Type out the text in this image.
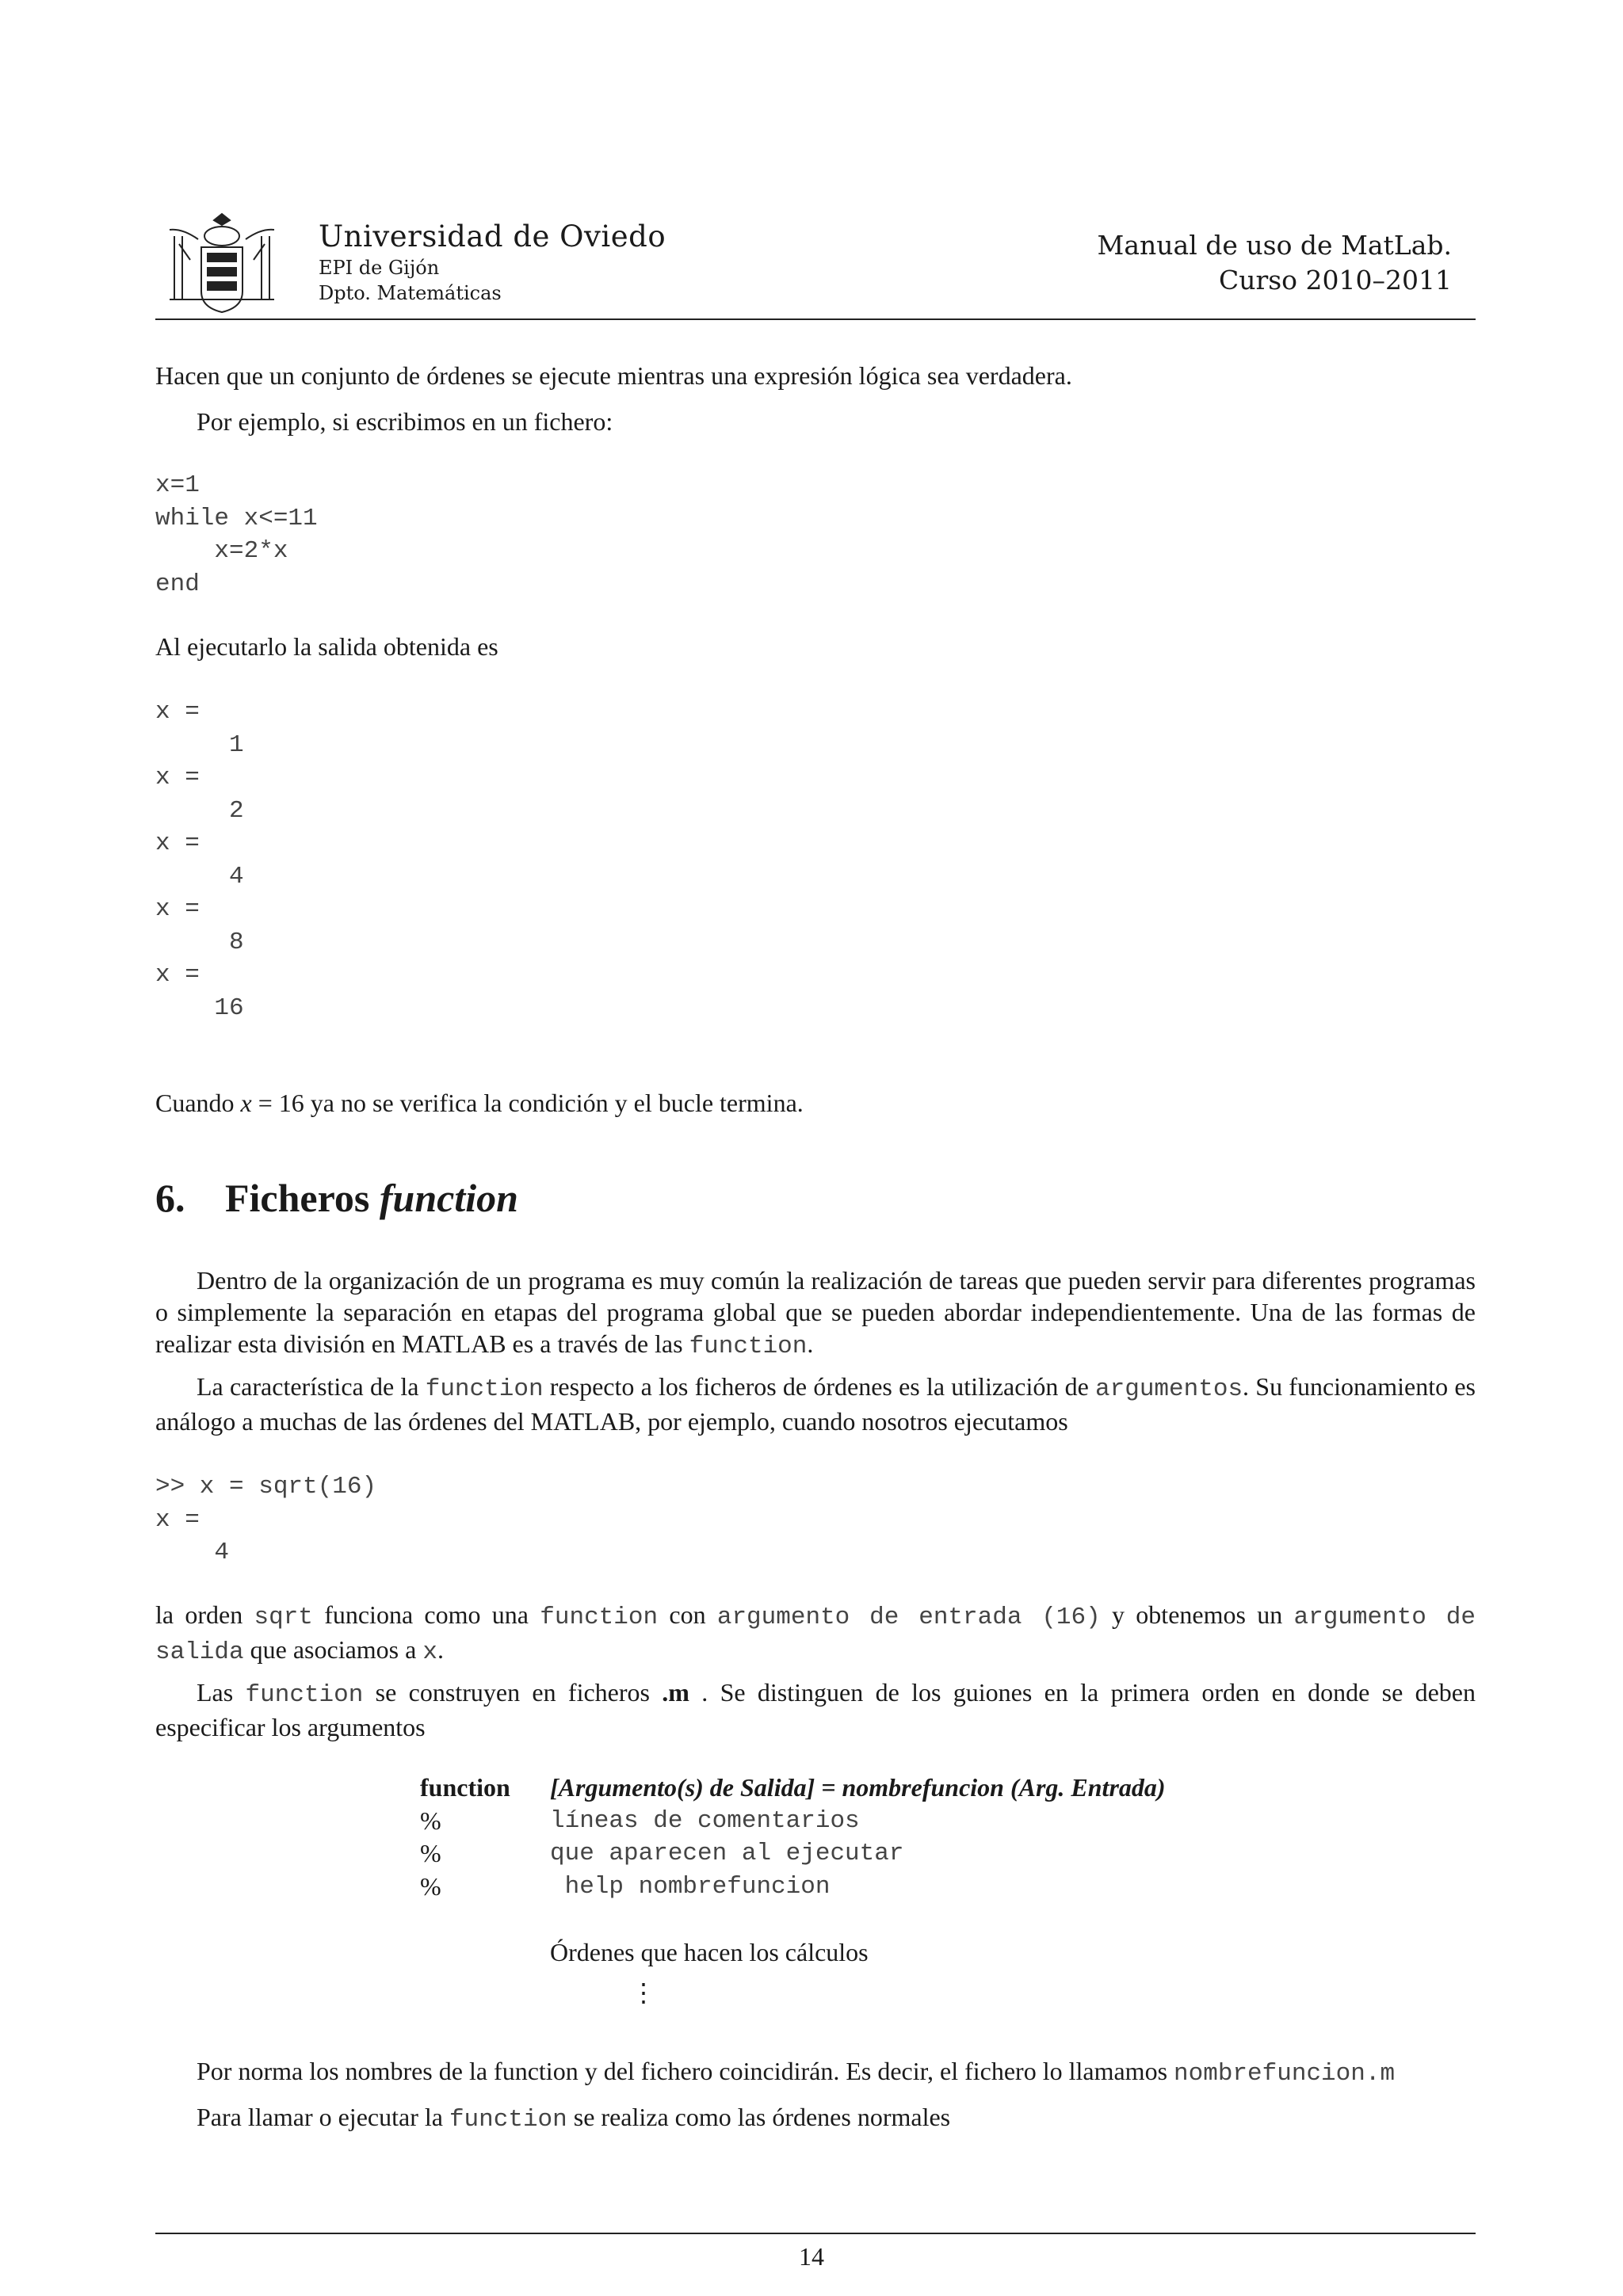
Universidad de Oviedo
EPI de Gijón
Dpto. Matemáticas
Manual de uso de MatLab.
Curso 2010–2011
Hacen que un conjunto de órdenes se ejecute mientras una expresión lógica sea verdadera.
Por ejemplo, si escribimos en un fichero:
x=1
while x<=11
x=2*x
end
Al ejecutarlo la salida obtenida es
x =
1
x =
2
x =
4
x =
8
x =
16
Cuando x = 16 ya no se verifica la condición y el bucle termina.
6. Ficheros function
Dentro de la organización de un programa es muy común la realización de tareas que pueden servir para diferentes programas o simplemente la separación en etapas del programa global que se pueden abordar independientemente. Una de las formas de realizar esta división en MATLAB es a través de las function.
La característica de la function respecto a los ficheros de órdenes es la utilización de argumentos. Su funcionamiento es análogo a muchas de las órdenes del MATLAB, por ejemplo, cuando nosotros ejecutamos
>> x = sqrt(16)
x =
4
la orden sqrt funciona como una function con argumento de entrada (16) y obtenemos un argumento de salida que asociamos a x.
Las function se construyen en ficheros .m . Se distinguen de los guiones en la primera orden en donde se deben especificar los argumentos
function [Argumento(s) de Salida] = nombrefuncion (Arg. Entrada)
%	líneas de comentarios
%	que aparecen al ejecutar
%	help nombrefuncion
Órdenes que hacen los cálculos
⋮
Por norma los nombres de la function y del fichero coincidirán. Es decir, el fichero lo llamamos nombrefuncion.m
Para llamar o ejecutar la function se realiza como las órdenes normales
14
